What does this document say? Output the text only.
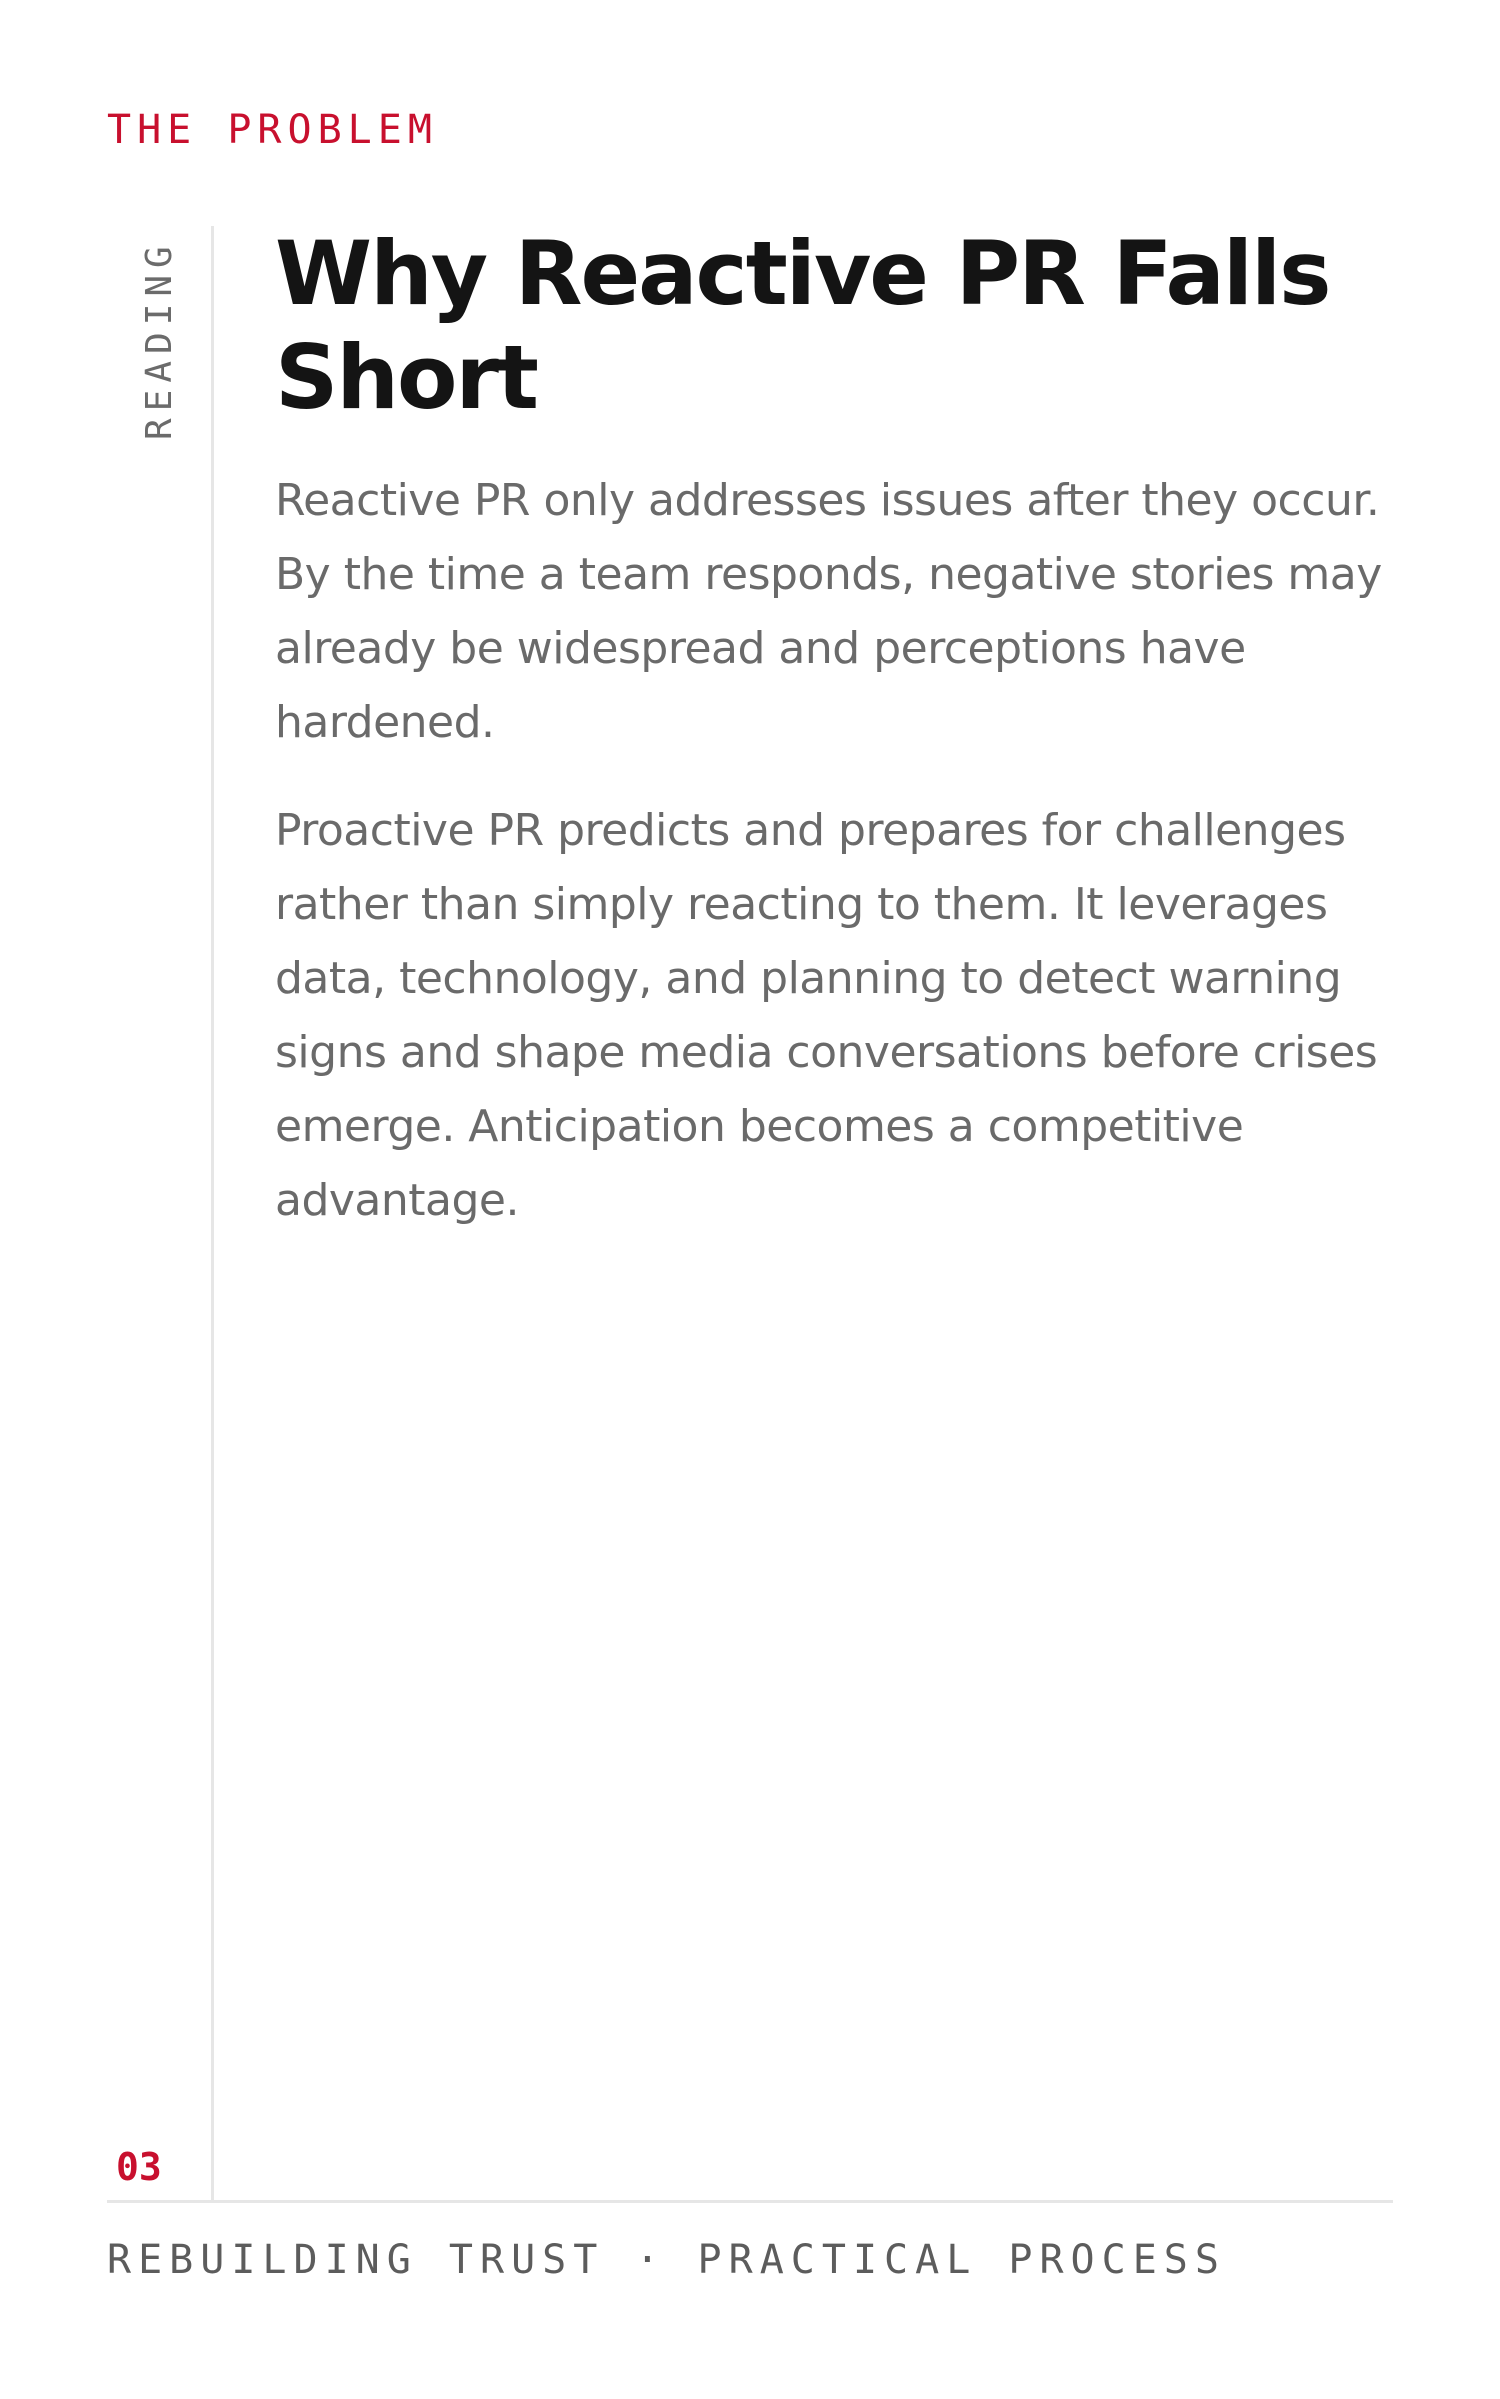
THE PROBLEM
READING
03
Why Reactive PR Falls Short

Reactive PR only addresses issues after they occur. By the time a team responds, negative stories may already be widespread and perceptions have hardened.

Proactive PR predicts and prepares for challenges rather than simply reacting to them. It leverages data, technology, and planning to detect warning signs and shape media conversations before crises emerge. Anticipation becomes a competitive advantage.

REBUILDING TRUST · PRACTICAL PROCESS
